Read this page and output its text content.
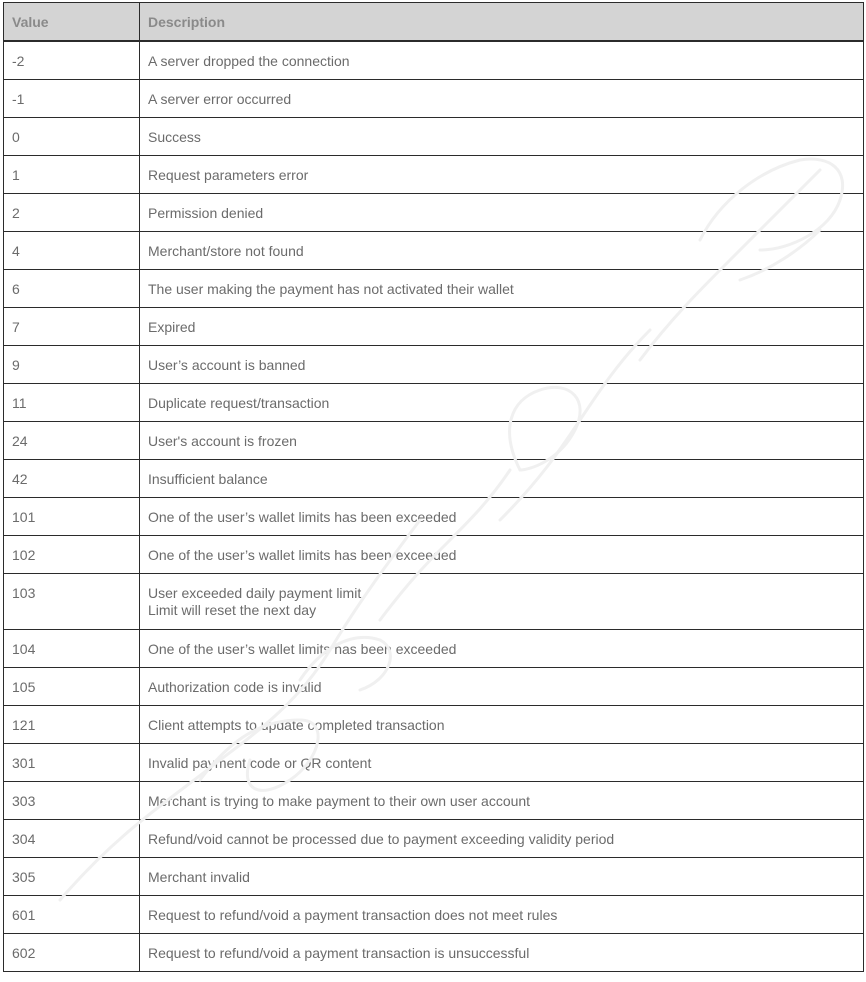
Value	Description
-2	A server dropped the connection

-1	A server error occurred

0	Success

1	Request parameters error

2	Permission denied

4	Merchant/store not found

6	The user making the payment has not activated their wallet

7	Expired

9	User’s account is banned

11	Duplicate request/transaction

24	User's account is frozen

42	Insufficient balance

101	One of the user’s wallet limits has been exceeded

102	One of the user’s wallet limits has been exceeded

103	User exceeded daily payment limit
Limit will reset the next day

104	One of the user’s wallet limits has been exceeded

105	Authorization code is invalid

121	Client attempts to update completed transaction

301	Invalid payment code or QR content

303	Merchant is trying to make payment to their own user account

304	Refund/void cannot be processed due to payment exceeding validity period

305	Merchant invalid

601	Request to refund/void a payment transaction does not meet rules

602	Request to refund/void a payment transaction is unsuccessful
